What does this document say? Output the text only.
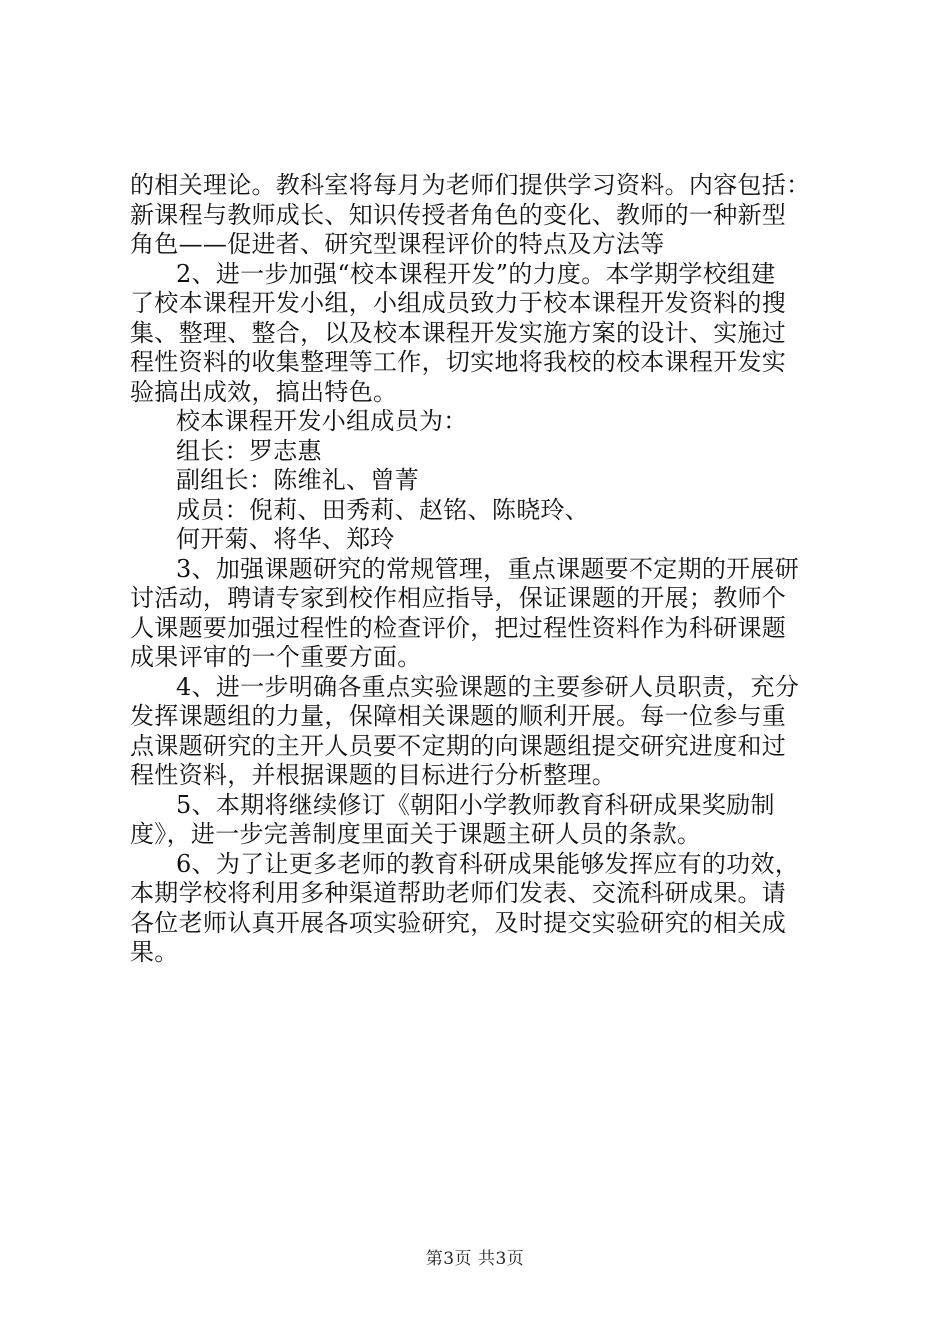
的相关理论。教科室将每月为老师们提供学习资料。内容包括：
新课程与教师成长、知识传授者角色的变化、教师的一种新型
角色——促进者、研究型课程评价的特点及方法等
2、进一步加强“校本课程开发”的力度。本学期学校组建
了校本课程开发小组，小组成员致力于校本课程开发资料的搜
集、整理、整合，以及校本课程开发实施方案的设计、实施过
程性资料的收集整理等工作，切实地将我校的校本课程开发实
验搞出成效，搞出特色。
校本课程开发小组成员为：
组长：罗志惠
副组长：陈维礼、曾菁
成员：倪莉、田秀莉、赵铭、陈晓玲、
何开菊、将华、郑玲
3、加强课题研究的常规管理，重点课题要不定期的开展研
讨活动，聘请专家到校作相应指导，保证课题的开展；教师个
人课题要加强过程性的检查评价，把过程性资料作为科研课题
成果评审的一个重要方面。
4、进一步明确各重点实验课题的主要参研人员职责，充分
发挥课题组的力量，保障相关课题的顺利开展。每一位参与重
点课题研究的主开人员要不定期的向课题组提交研究进度和过
程性资料，并根据课题的目标进行分析整理。
5、本期将继续修订《朝阳小学教师教育科研成果奖励制
度》，进一步完善制度里面关于课题主研人员的条款。
6、为了让更多老师的教育科研成果能够发挥应有的功效，
本期学校将利用多种渠道帮助老师们发表、交流科研成果。请
各位老师认真开展各项实验研究，及时提交实验研究的相关成
果。
第3页 共3页
